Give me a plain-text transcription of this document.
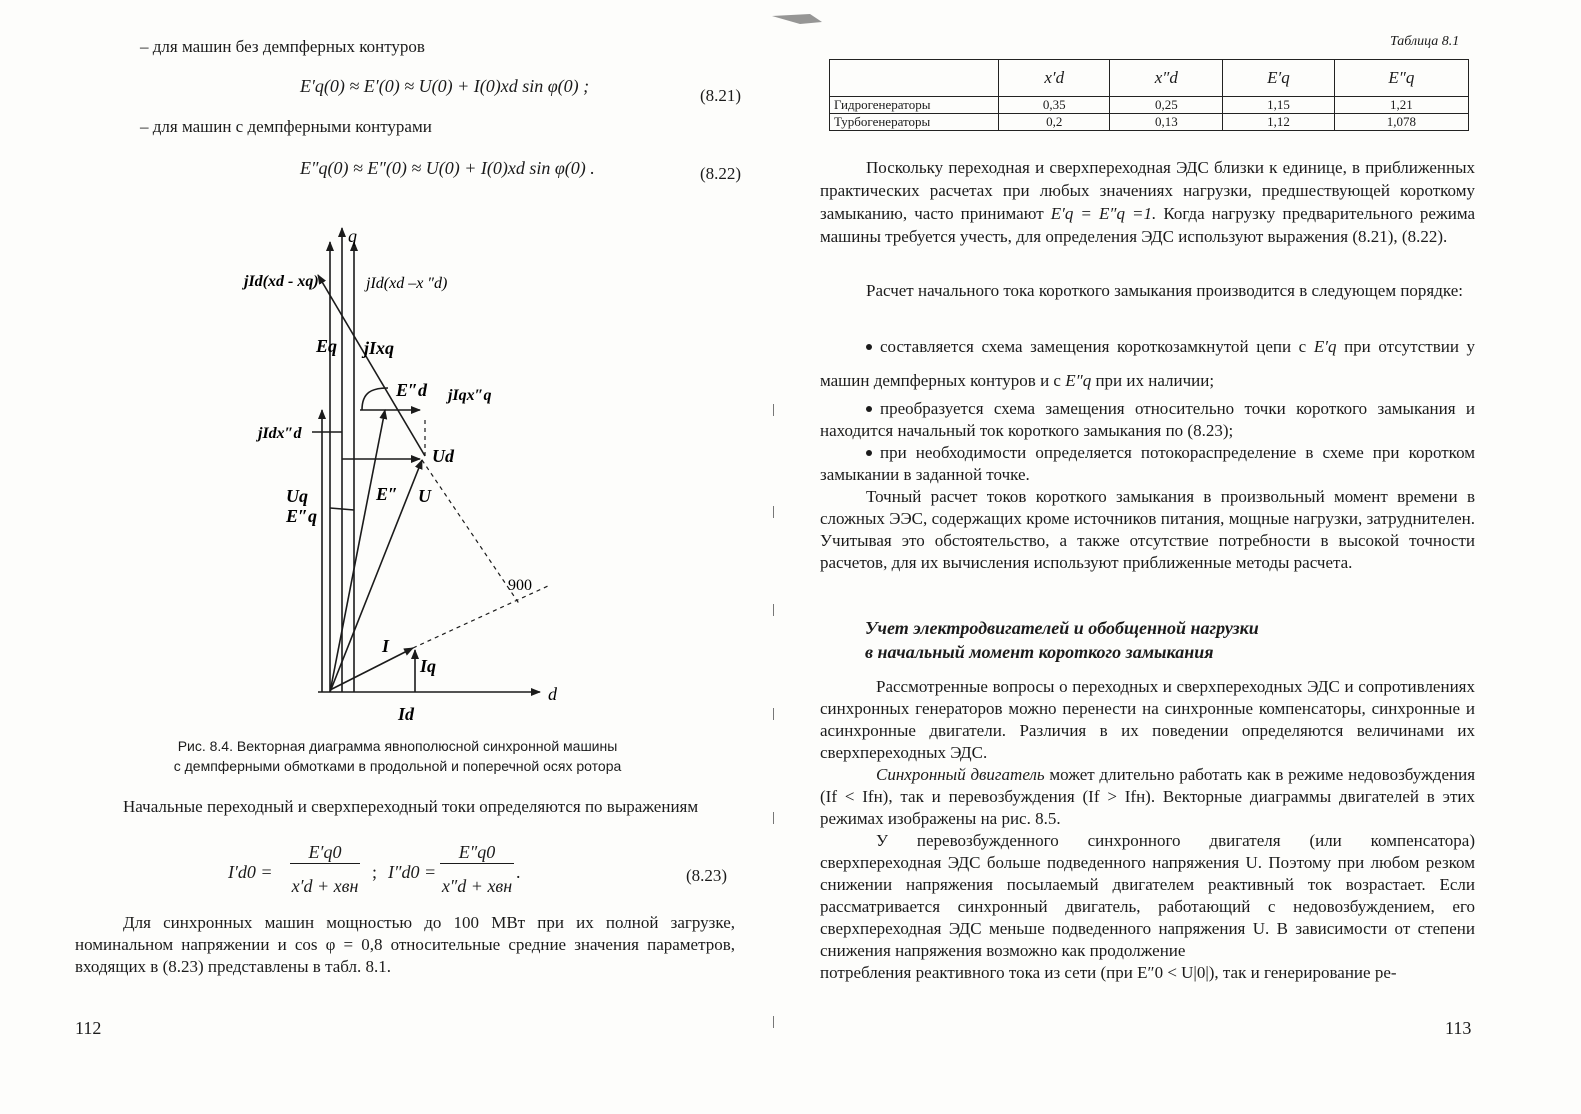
– для машин без демпферных контуров
E′q(0) ≈ E′(0) ≈ U(0) + I(0)xd sin φ(0) ;	(8.21)
– для машин с демпферными контурами
E″q(0) ≈ E″(0) ≈ U(0) + I(0)xd sin φ(0) .	(8.22)
q
d
jId(xd - xq)	jId(xd –x ″d)
Eq jIxq
E″d jIqx″q
jIdx″d
Ud
Uq
E″q
E″ U
900
I
Iq
Id
Рис. 8.4. Векторная диаграмма явнополюсной синхронной машины
с демпферными обмотками в продольной и поперечной осях ротора
Начальные переходный и сверхпереходный токи определяются по выражениям
I′d0 =
E′q0
x′d + xвн
; I″d0 =
E″q0
x″d + xвн
.	(8.23)
Для синхронных машин мощностью до 100 МВт при их полной загрузке, номинальном напряжении и cos φ = 0,8 относительные средние значения параметров, входящих в (8.23) представлены в табл. 8.1.
112
Таблица 8.1
	x′d	x″d	E′q	E″q
Гидрогенераторы	0,35	0,25	1,15	1,21
Турбогенераторы	0,2	0,13	1,12	1,078
Поскольку переходная и сверхпереходная ЭДС близки к единице, в приближенных практических расчетах при любых значениях нагрузки, предшествующей короткому замыканию, часто принимают E′q = E″q =1. Когда нагрузку предварительного режима машины требуется учесть, для определения ЭДС используют выражения (8.21), (8.22).
Расчет начального тока короткого замыкания производится в следующем порядке:
составляется схема замещения короткозамкнутой цепи с E′q при отсутствии у машин демпферных контуров и с E″q при их наличии;
преобразуется схема замещения относительно точки короткого замыкания и находится начальный ток короткого замыкания по (8.23);
при необходимости определяется потокораспределение в схеме при коротком замыкании в заданной точке.
Точный расчет токов короткого замыкания в произвольный момент времени в сложных ЭЭС, содержащих кроме источников питания, мощные нагрузки, затруднителен. Учитывая это обстоятельство, а также отсутствие потребности в высокой точности расчетов, для их вычисления используют приближенные методы расчета.
Учет электродвигателей и обобщенной нагрузки
в начальный момент короткого замыкания
Рассмотренные вопросы о переходных и сверхпереходных ЭДС и сопротивлениях синхронных генераторов можно перенести на синхронные компенсаторы, синхронные и асинхронные двигатели. Различия в их поведении определяются величинами их сверхпереходных ЭДС.
Синхронный двигатель может длительно работать как в режиме недовозбуждения (If < Ifн), так и перевозбуждения (If > Ifн). Векторные диаграммы двигателей в этих режимах изображены на рис. 8.5.
У перевозбужденного синхронного двигателя (или компенсатора) сверхпереходная ЭДС больше подведенного напряжения U. Поэтому при любом резком снижении напряжения посылаемый двигателем реактивный ток возрастает. Если рассматривается синхронный двигатель, работающий с недовозбуждением, его сверхпереходная ЭДС меньше подведенного напряжения U. В зависимости от степени снижения напряжения возможно как продолжение
потребления реактивного тока из сети (при E″0 < U|0|), так и генерирование ре-
113
